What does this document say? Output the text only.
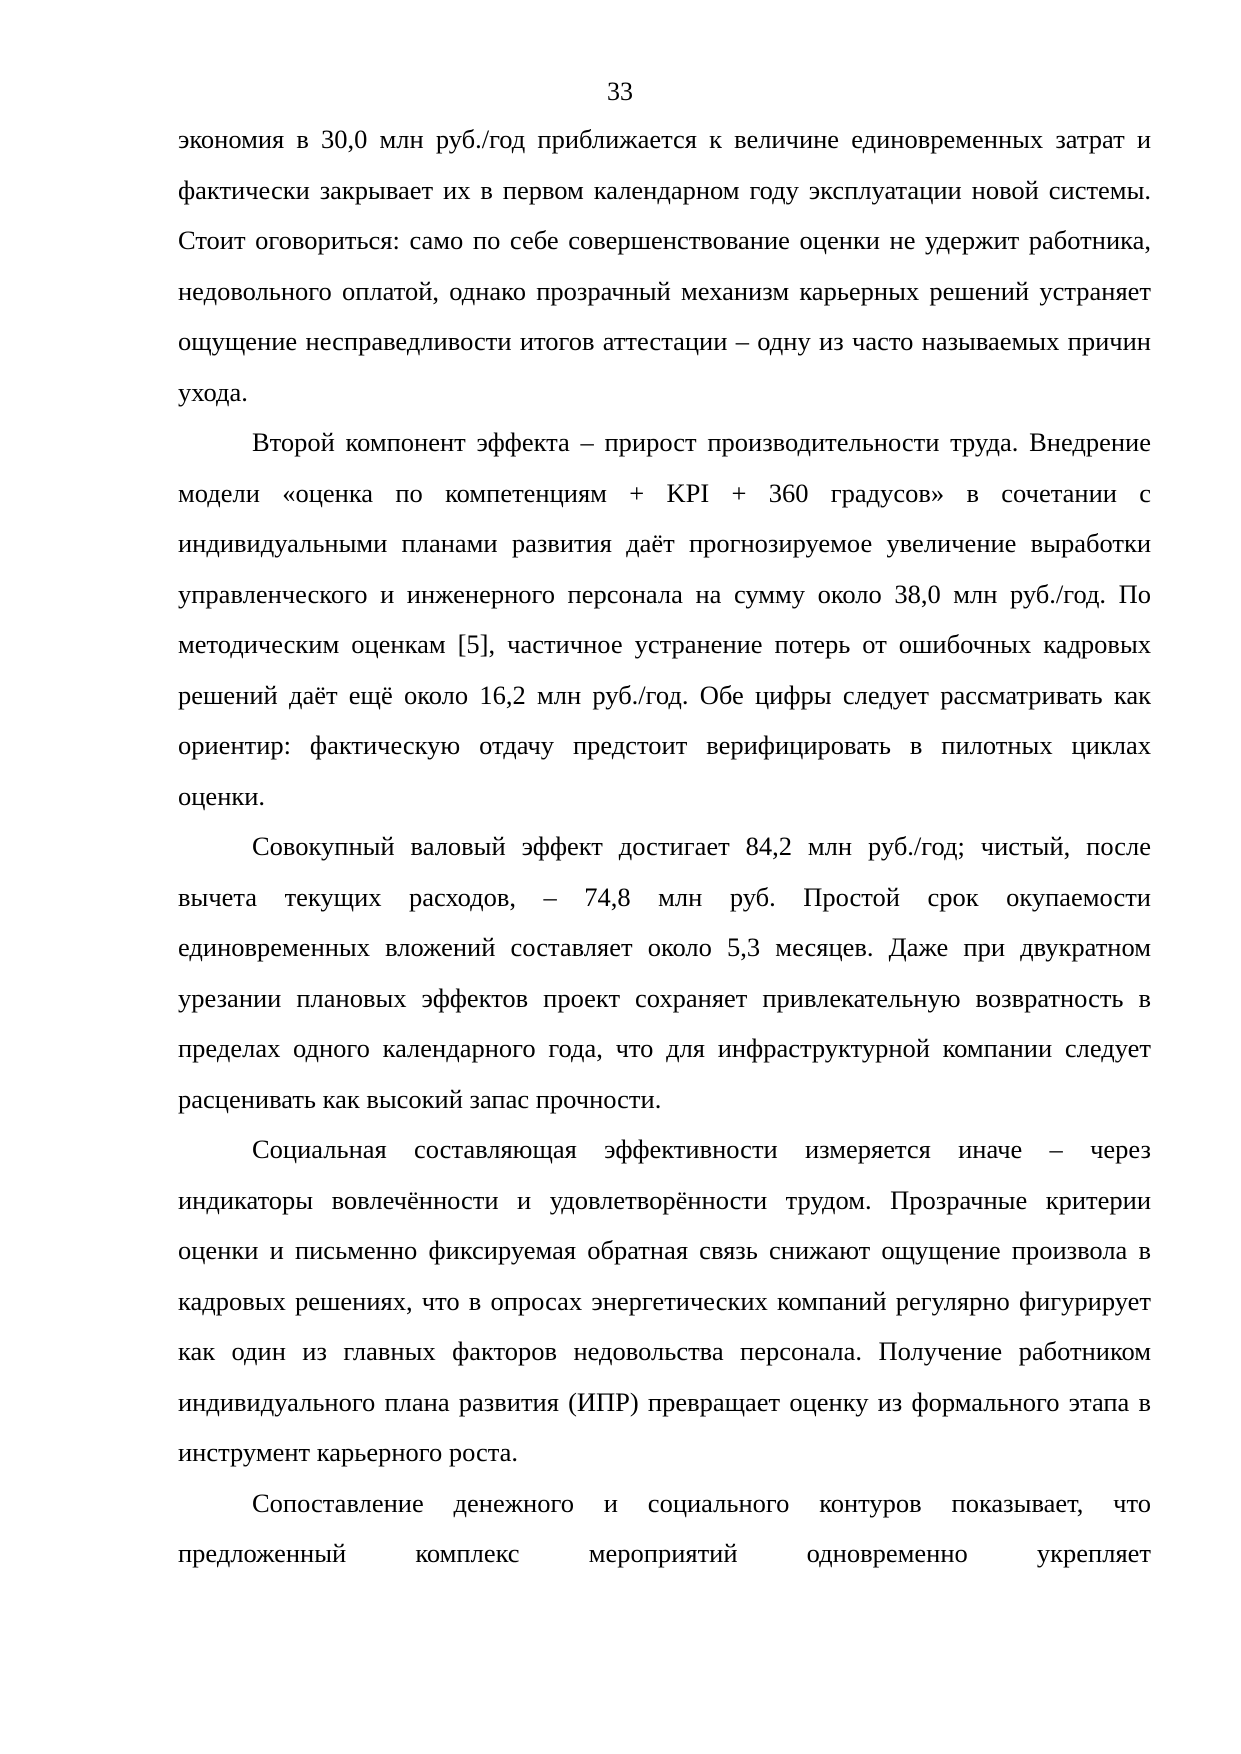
33

экономия в 30,0 млн руб./год приближается к величине единовременных затрат и фактически закрывает их в первом календарном году эксплуатации новой системы. Стоит оговориться: само по себе совершенствование оценки не удержит работника, недовольного оплатой, однако прозрачный механизм карьерных решений устраняет ощущение несправедливости итогов аттестации – одну из часто называемых причин ухода.

Второй компонент эффекта – прирост производительности труда. Внедрение модели «оценка по компетенциям + KPI + 360 градусов» в сочетании с индивидуальными планами развития даёт прогнозируемое увеличение выработки управленческого и инженерного персонала на сумму около 38,0 млн руб./год. По методическим оценкам [5], частичное устранение потерь от ошибочных кадровых решений даёт ещё около 16,2 млн руб./год. Обе цифры следует рассматривать как ориентир: фактическую отдачу предстоит верифицировать в пилотных циклах оценки.

Совокупный валовый эффект достигает 84,2 млн руб./год; чистый, после вычета текущих расходов, – 74,8 млн руб. Простой срок окупаемости единовременных вложений составляет около 5,3 месяцев. Даже при двукратном урезании плановых эффектов проект сохраняет привлекательную возвратность в пределах одного календарного года, что для инфраструктурной компании следует расценивать как высокий запас прочности.

Социальная составляющая эффективности измеряется иначе – через индикаторы вовлечённости и удовлетворённости трудом. Прозрачные критерии оценки и письменно фиксируемая обратная связь снижают ощущение произвола в кадровых решениях, что в опросах энергетических компаний регулярно фигурирует как один из главных факторов недовольства персонала. Получение работником индивидуального плана развития (ИПР) превращает оценку из формального этапа в инструмент карьерного роста.

Сопоставление денежного и социального контуров показывает, что предложенный комплекс мероприятий одновременно укрепляет
